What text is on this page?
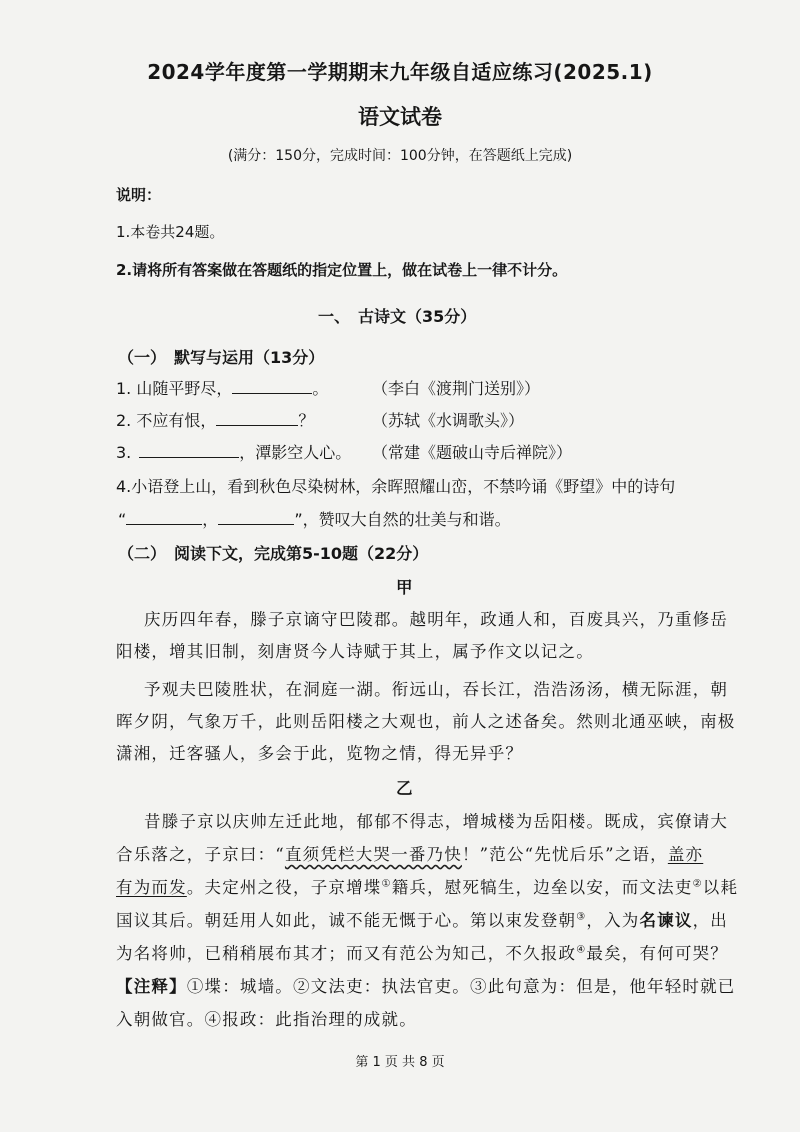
2024学年度第一学期期末九年级自适应练习(2025.1)
语文试卷
(满分：150分，完成时间：100分钟，在答题纸上完成)
说明：
1.本卷共24题。
2.请将所有答案做在答题纸的指定位置上，做在试卷上一律不计分。
一、　古诗文（35分）
（一）　默写与运用（13分）
1. 山随平野尽，	。	（李白《渡荆门送别》）
2. 不应有恨，	？	（苏轼《水调歌头》）
3.	，潭影空人心。 （常建《题破山寺后禅院》）
4.小语登上山，看到秋色尽染树林，余晖照耀山峦，不禁吟诵《野望》中的诗句
“	，	”，赞叹大自然的壮美与和谐。
（二）　阅读下文，完成第5-10题（22分）
甲
庆历四年春，滕子京谪守巴陵郡。越明年，政通人和，百废具兴，乃重修岳
阳楼，增其旧制，刻唐贤今人诗赋于其上，属予作文以记之。
予观夫巴陵胜状，在洞庭一湖。衔远山，吞长江，浩浩汤汤，横无际涯，朝
晖夕阴，气象万千，此则岳阳楼之大观也，前人之述备矣。然则北通巫峡，南极
潇湘，迁客骚人，多会于此，览物之情，得无异乎？
乙
昔滕子京以庆帅左迁此地，郁郁不得志，增城楼为岳阳楼。既成，宾僚请大
合乐落之，子京曰：“直须凭栏大哭一番乃快！”范公“先忧后乐”之语，盖亦
有为而发。夫定州之役，子京增堞①籍兵，慰死犒生，边垒以安，而文法吏②以耗
国议其后。朝廷用人如此，诚不能无慨于心。第以束发登朝③，入为名谏议，出
为名将帅，已稍稍展布其才；而又有范公为知己，不久报政④最矣，有何可哭？
【注释】①堞：城墙。②文法吏：执法官吏。③此句意为：但是，他年轻时就已
入朝做官。④报政：此指治理的成就。
第 1 页 共 8 页
